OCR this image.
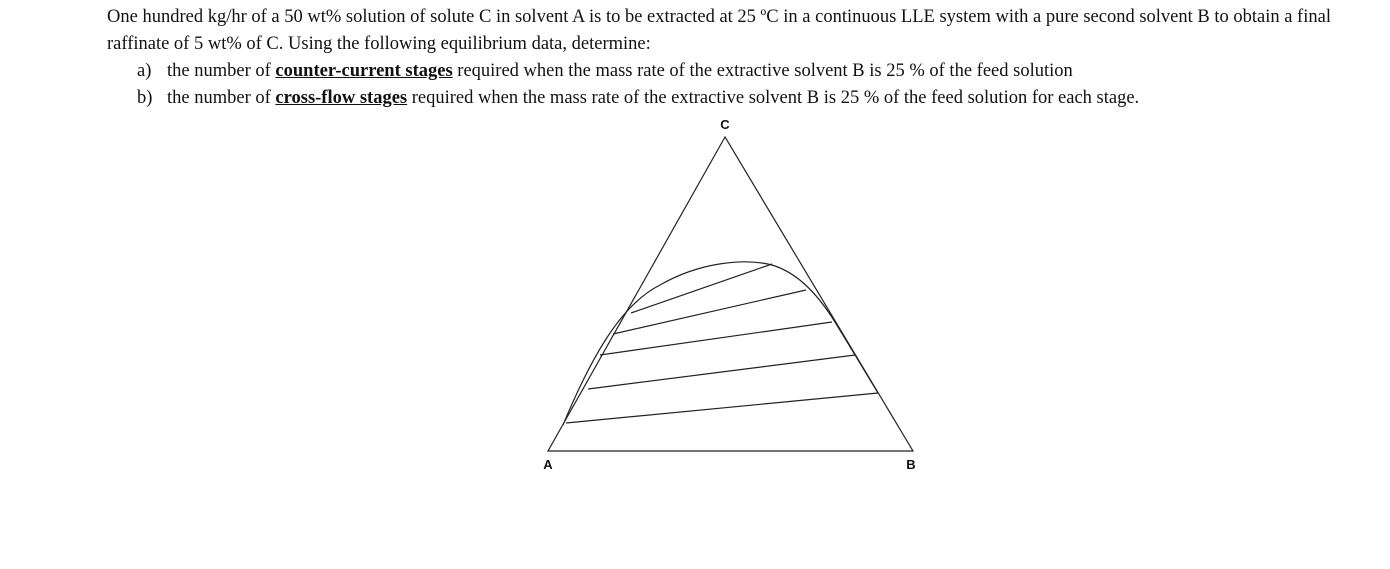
One hundred kg/hr of a 50 wt% solution of solute C in solvent A is to be extracted at 25 ºC in a continuous LLE system with a pure second solvent B to obtain a final raffinate of 5 wt% of C. Using the following equilibrium data, determine:

a) the number of counter-current stages required when the mass rate of the extractive solvent B is 25 % of the feed solution
b) the number of cross-flow stages required when the mass rate of the extractive solvent B is 25 % of the feed solution for each stage.
C
A	B
